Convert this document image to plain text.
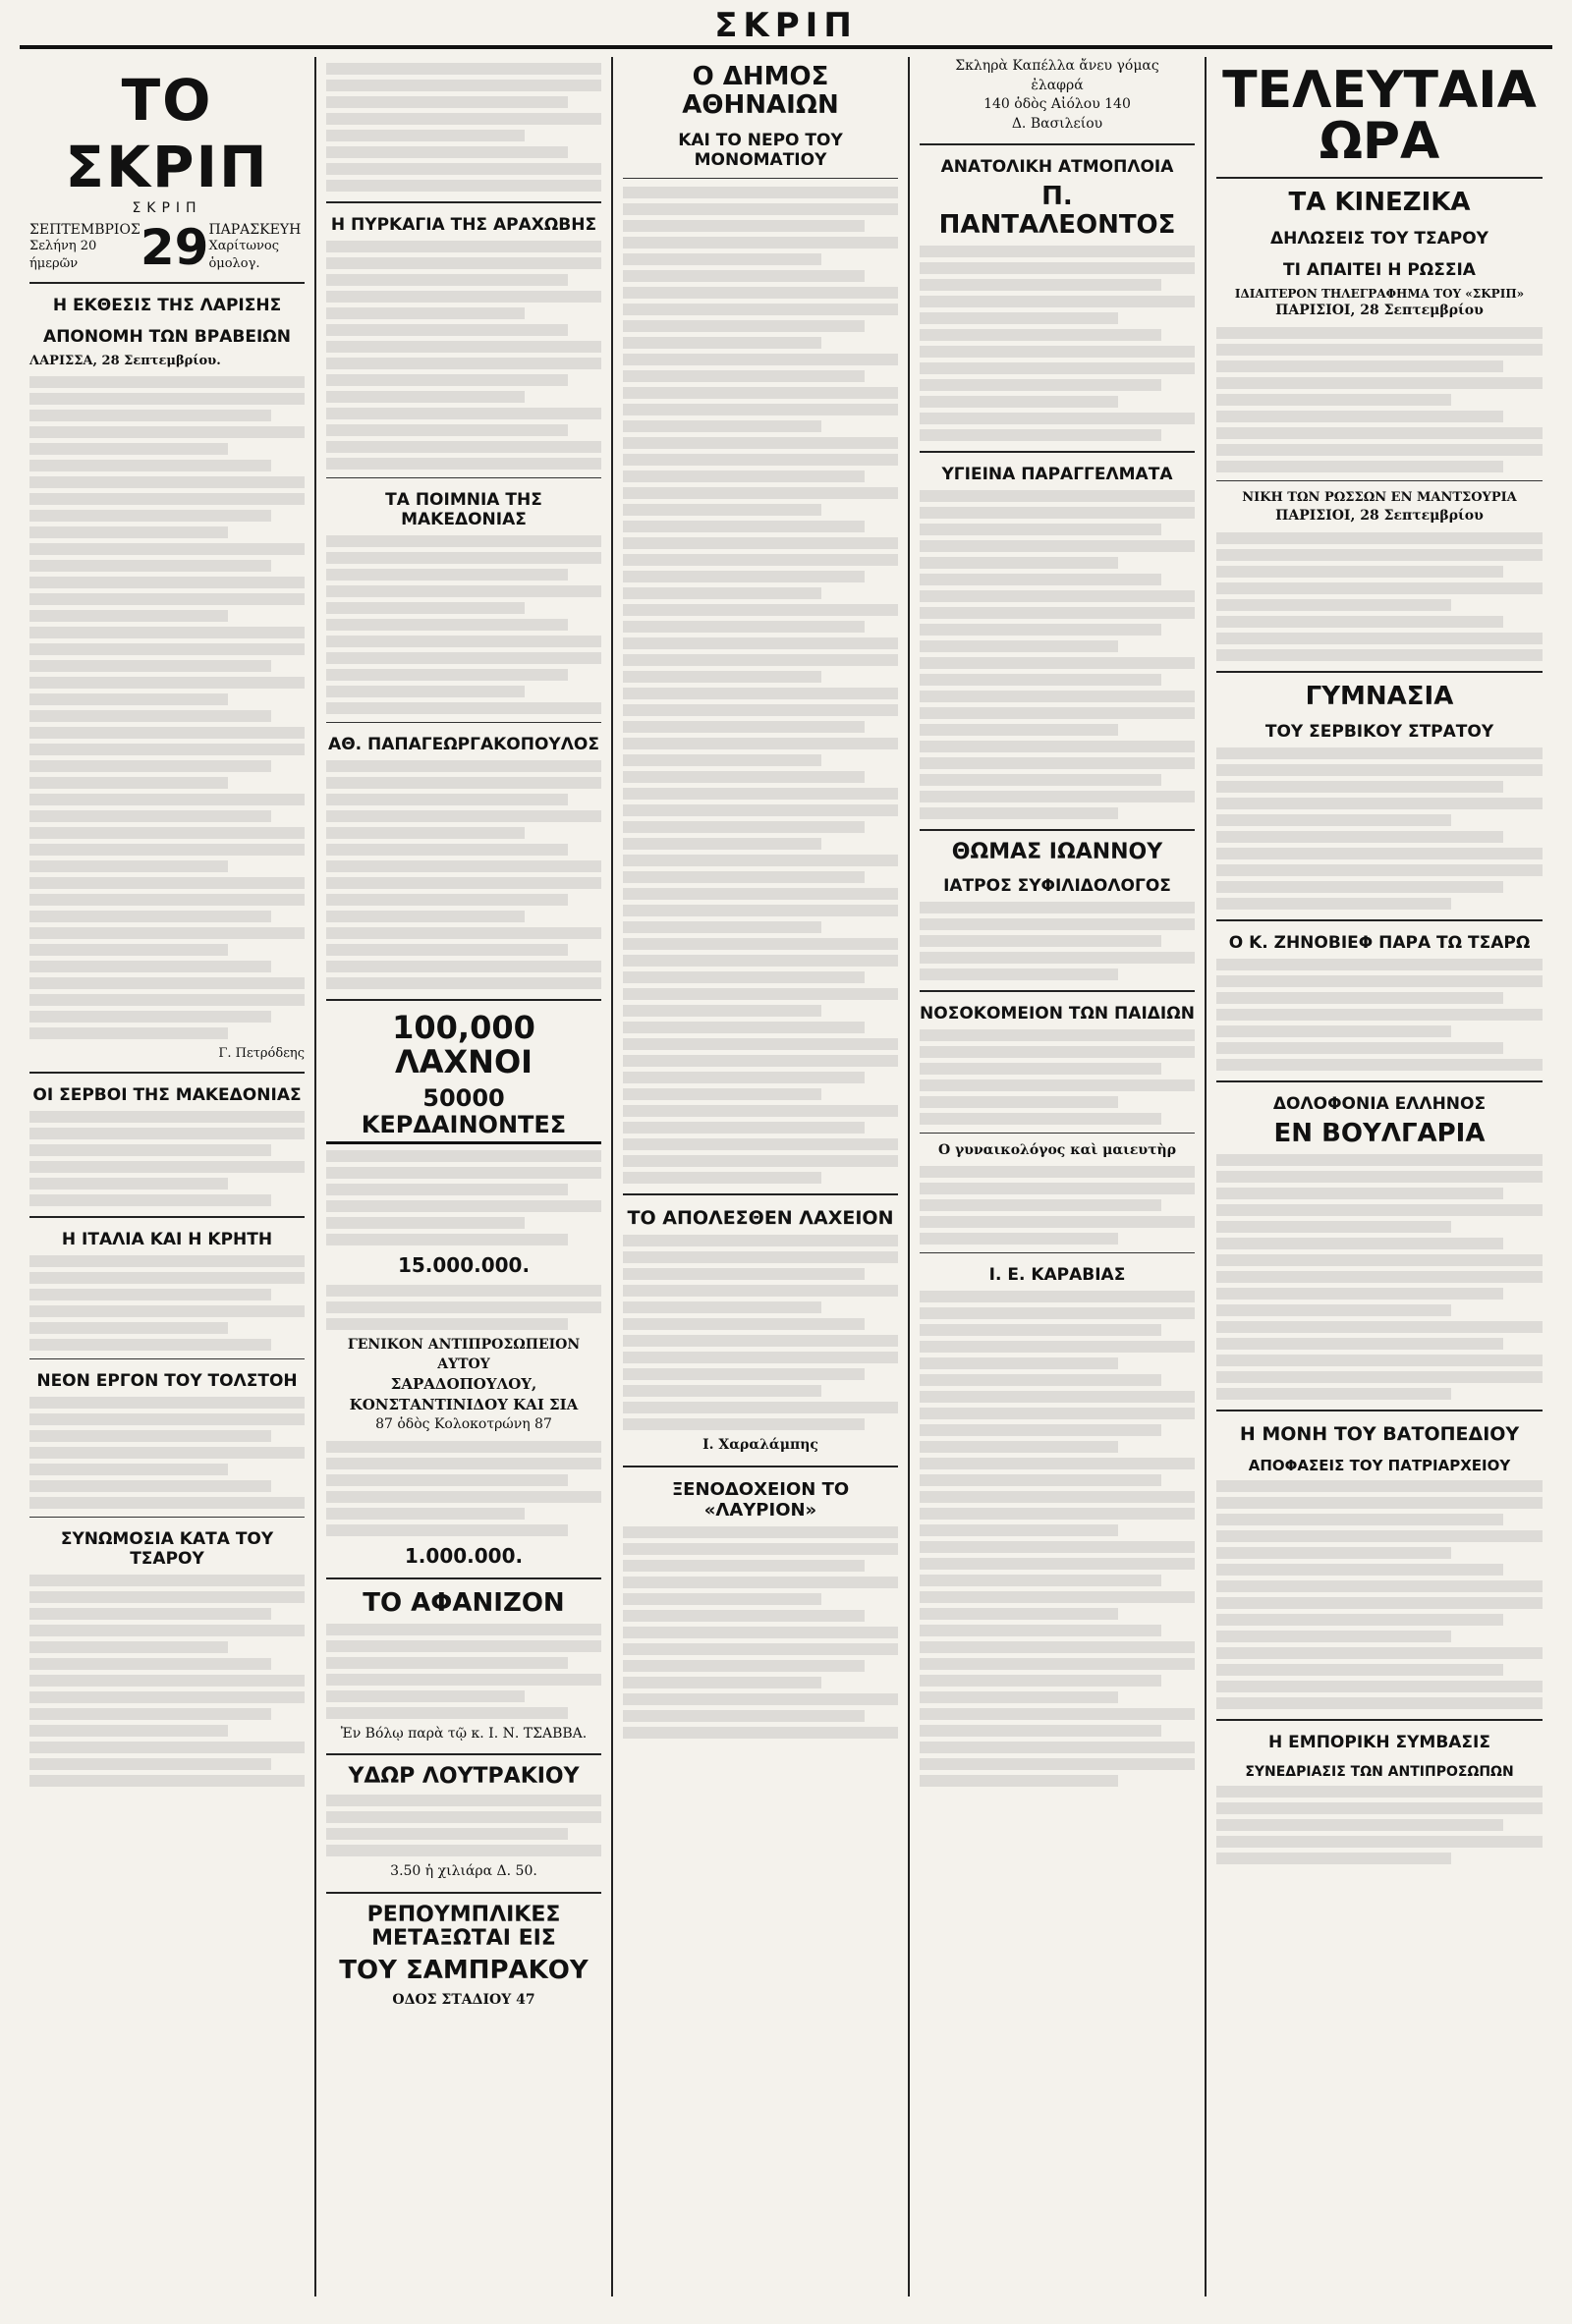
ΣΚΡΙΠ
ΤΟ ΣΚΡΙΠ
ΣΚΡΙΠ
ΣΕΠΤΕΜΒΡΙΟΣ
Σελήνη 20 ήμερῶν	29 ΠΑΡΑΣΚΕΥΗ
Χαρίτωνος ὁμολογ.
Η ΕΚΘΕΣΙΣ ΤΗΣ ΛΑΡΙΣΗΣ
ΑΠΟΝΟΜΗ ΤΩΝ ΒΡΑΒΕΙΩΝ
ΛΑΡΙΣΣΑ, 28 Σεπτεμβρίου.
Γ. Πετρόδεης
ΟΙ ΣΕΡΒΟΙ ΤΗΣ ΜΑΚΕΔΟΝΙΑΣ
Η ΙΤΑΛΙΑ ΚΑΙ Η ΚΡΗΤΗ
ΝΕΟΝ ΕΡΓΟΝ ΤΟΥ ΤΟΛΣΤΟΗ
ΣΥΝΩΜΟΣΙΑ ΚΑΤΑ ΤΟΥ ΤΣΑΡΟΥ
Η ΠΥΡΚΑΓΙΑ ΤΗΣ ΑΡΑΧΩΒΗΣ
ΤΑ ΠΟΙΜΝΙΑ ΤΗΣ ΜΑΚΕΔΟΝΙΑΣ
ΑΘ. ΠΑΠΑΓΕΩΡΓΑΚΟΠΟΥΛΟΣ
100,000 ΛΑΧΝΟΙ
50000 ΚΕΡΔΑΙΝΟΝΤΕΣ
15.000.000.
ΓΕΝΙΚΟΝ ΑΝΤΙΠΡΟΣΩΠΕΙΟΝ ΑΥΤΟΥ
ΣΑΡΑΔΟΠΟΥΛΟΥ, ΚΟΝΣΤΑΝΤΙΝΙΔΟΥ ΚΑΙ ΣΙΑ
87 ὁδὸς Κολοκοτρώνη 87
1.000.000.
ΤΟ ΑΦΑΝΙΖΟΝ
Ἐν Βόλῳ παρὰ τῷ κ. Ι. Ν. ΤΣΑΒΒΑ.
ΥΔΩΡ ΛΟΥΤΡΑΚΙΟΥ
3.50 ἡ χιλιάρα Δ. 50.
ΡΕΠΟΥΜΠΛΙΚΕΣ ΜΕΤΑΞΩΤΑΙ ΕΙΣ
ΤΟΥ ΣΑΜΠΡΑΚΟΥ
ΟΔΟΣ ΣΤΑΔΙΟΥ 47
Ο ΔΗΜΟΣ ΑΘΗΝΑΙΩΝ
ΚΑΙ ΤΟ ΝΕΡΟ ΤΟΥ ΜΟΝΟΜΑΤΙΟΥ
ΤΟ ΑΠΟΛΕΣΘΕΝ ΛΑΧΕΙΟΝ
Ι. Χαραλάμπης
ΞΕΝΟΔΟΧΕΙΟΝ ΤΟ «ΛΑΥΡΙΟΝ»
Σκληρὰ Καπέλλα ἄνευ γόμας
ἐλαφρά
140 ὁδὸς Αἰόλου 140
Δ. Βασιλείου
ΑΝΑΤΟΛΙΚΗ ΑΤΜΟΠΛΟΙΑ
Π. ΠΑΝΤΑΛΕΟΝΤΟΣ
ΥΓΙΕΙΝΑ ΠΑΡΑΓΓΕΛΜΑΤΑ
ΘΩΜΑΣ ΙΩΑΝΝΟΥ
ΙΑΤΡΟΣ ΣΥΦΙΛΙΔΟΛΟΓΟΣ
ΝΟΣΟΚΟΜΕΙΟΝ ΤΩΝ ΠΑΙΔΙΩΝ
Ο γυναικολόγος καὶ μαιευτὴρ
Ι. Ε. ΚΑΡΑΒΙΑΣ
ΤΕΛΕΥΤΑΙΑ ΩΡΑ
ΤΑ ΚΙΝΕΖΙΚΑ
ΔΗΛΩΣΕΙΣ ΤΟΥ ΤΣΑΡΟΥ
ΤΙ ΑΠΑΙΤΕΙ Η ΡΩΣΣΙΑ
ΙΔΙΑΙΤΕΡΟΝ ΤΗΛΕΓΡΑΦΗΜΑ ΤΟΥ «ΣΚΡΙΠ»
ΠΑΡΙΣΙΟΙ, 28 Σεπτεμβρίου
ΝΙΚΗ ΤΩΝ ΡΩΣΣΩΝ ΕΝ ΜΑΝΤΣΟΥΡΙΑ
ΠΑΡΙΣΙΟΙ, 28 Σεπτεμβρίου
ΓΥΜΝΑΣΙΑ
ΤΟΥ ΣΕΡΒΙΚΟΥ ΣΤΡΑΤΟΥ
Ο Κ. ΖΗΝΟΒΙΕΦ ΠΑΡΑ ΤΩ ΤΣΑΡΩ
ΔΟΛΟΦΟΝΙΑ ΕΛΛΗΝΟΣ
ΕΝ ΒΟΥΛΓΑΡΙΑ
Η ΜΟΝΗ ΤΟΥ ΒΑΤΟΠΕΔΙΟΥ
ΑΠΟΦΑΣΕΙΣ ΤΟΥ ΠΑΤΡΙΑΡΧΕΙΟΥ
Η ΕΜΠΟΡΙΚΗ ΣΥΜΒΑΣΙΣ
ΣΥΝΕΔΡΙΑΣΙΣ ΤΩΝ ΑΝΤΙΠΡΟΣΩΠΩΝ
